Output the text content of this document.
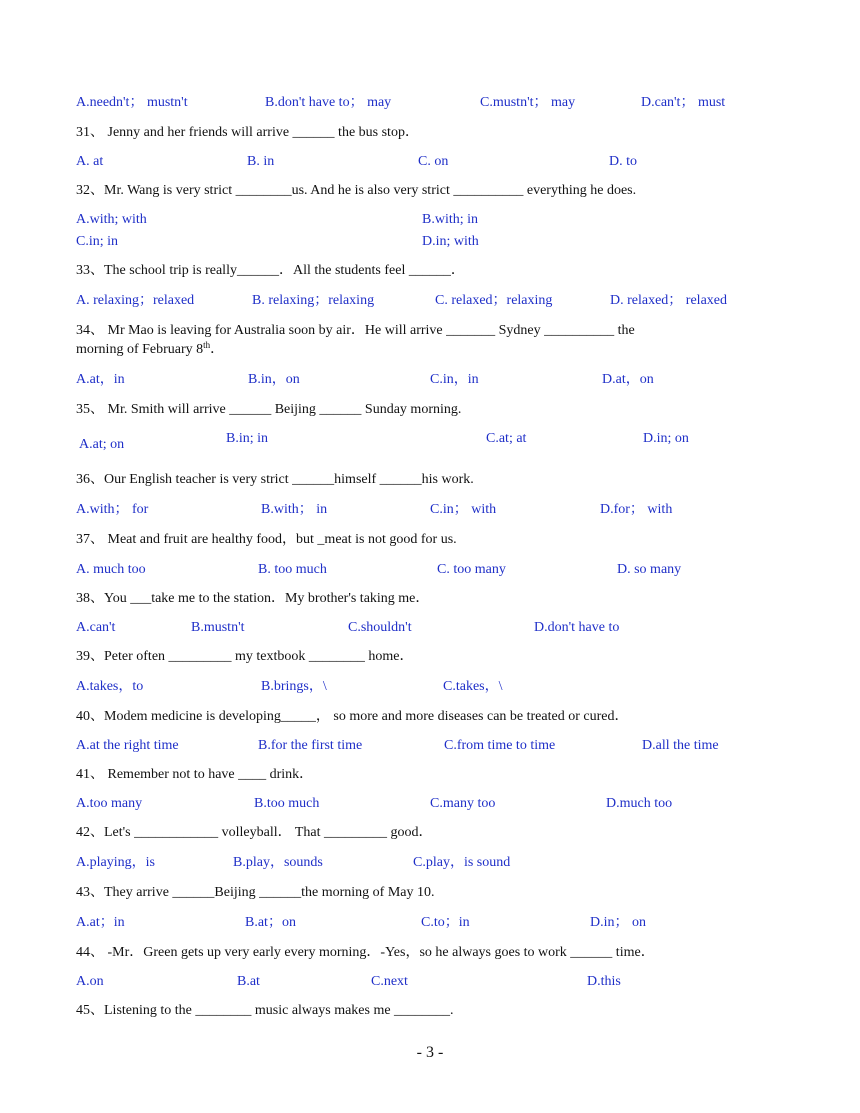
A.needn't； mustn't	B.don't have to； may	C.mustn't； may	D.can't； must
31、 Jenny and her friends will arrive ______ the bus stop．
A. at	B. in	C. on	D. to
32、Mr. Wang is very strict ________us. And he is also very strict __________ everything he does.
A.with; with	B.with; in
C.in; in	D.in; with
33、The school trip is really______．All the students feel ______．
A. relaxing；relaxed	B. relaxing；relaxing	C. relaxed；relaxing	D. relaxed； relaxed
34、 Mr Mao is leaving for Australia soon by air．He will arrive _______ Sydney __________ the
morning of February 8th．
A.at，in	B.in，on	C.in，in	D.at，on
35、 Mr. Smith will arrive ______ Beijing ______ Sunday morning.
A.at; on	B.in; in	C.at; at	D.in; on
36、Our English teacher is very strict ______himself ______his work.
A.with； for	B.with； in	C.in； with	D.for； with
37、 Meat and fruit are healthy food，but _meat is not good for us.
A. much too	B. too much	C. too many	D. so many
38、You ___take me to the station．My brother's taking me．
A.can't	B.mustn't	C.shouldn't	D.don't have to
39、Peter often _________ my textbook ________ home．
A.takes，to	B.brings，\	C.takes，\
40、Modem medicine is developing_____， so more and more diseases can be treated or cured．
A.at the right time	B.for the first time	C.from time to time	D.all the time
41、 Remember not to have ____ drink．
A.too many	B.too much	C.many too	D.much too
42、Let's ____________ volleyball． That _________ good．
A.playing，is	B.play，sounds	C.play，is sound
43、They arrive ______Beijing ______the morning of May 10.
A.at；in	B.at；on	C.to；in	D.in； on
44、 -Mr．Green gets up very early every morning．-Yes，so he always goes to work ______ time．
A.on	B.at	C.next	D.this
45、Listening to the ________ music always makes me ________.
- 3 -
